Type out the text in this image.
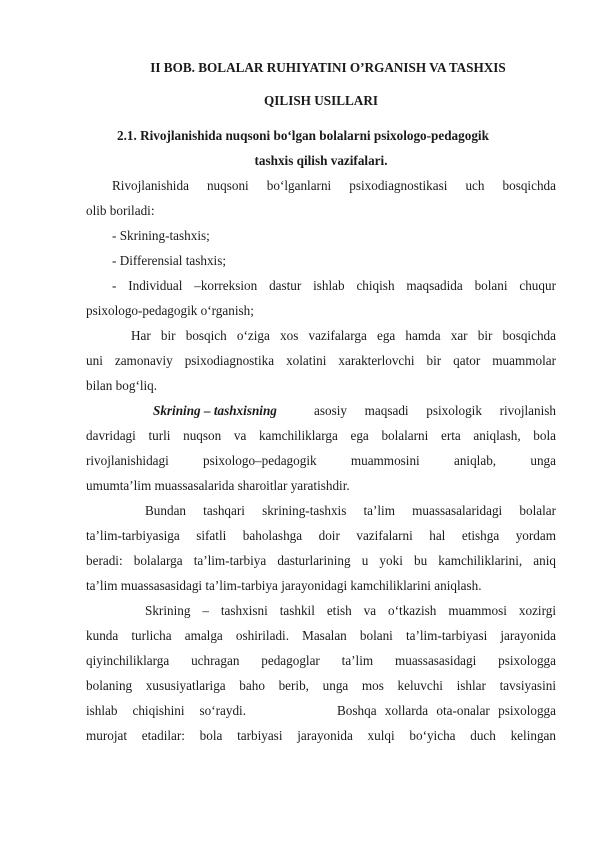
II BOB. BOLALAR RUHIYATINI O’RGANISH VA TASHXIS
QILISH USILLARI
2.1. Rivojlanishida nuqsoni bo‘lgan bolalarni psixologo-pedagogik
tashxis qilish vazifalari.
Rivojlanishida nuqsoni bo‘lganlarni psixodiagnostikasi uch bosqichda
olib boriladi:
- Skrining-tashxis;
- Differensial tashxis;
- Individual –korreksion dastur ishlab chiqish maqsadida bolani chuqur
psixologo-pedagogik o‘rganish;
Har bir bosqich o‘ziga xos vazifalarga ega hamda xar bir bosqichda
uni zamonaviy psixodiagnostika xolatini xarakterlovchi bir qator muammolar
bilan bog‘liq.
Skrining – tashxisning	asosiy maqsadi psixologik rivojlanish
davridagi turli nuqson va kamchiliklarga ega bolalarni erta aniqlash, bola
rivojlanishidagi psixologo–pedagogik muammosini aniqlab, unga
umumta’lim muassasalarida sharoitlar yaratishdir.
Bundan tashqari skrining-tashxis ta’lim muassasalaridagi bolalar
ta’lim-tarbiyasiga sifatli baholashga doir vazifalarni hal etishga yordam
beradi: bolalarga ta’lim-tarbiya dasturlarining u yoki bu kamchiliklarini, aniq
ta’lim muassasasidagi ta’lim-tarbiya jarayonidagi kamchiliklarini aniqlash.
Skrining – tashxisni tashkil etish va o‘tkazish muammosi xozirgi
kunda turlicha amalga oshiriladi. Masalan bolani ta’lim-tarbiyasi jarayonida
qiyinchiliklarga uchragan pedagoglar ta’lim muassasasidagi psixologga
bolaning xususiyatlariga baho berib, unga mos keluvchi ishlar tavsiyasini
ishlab chiqishini so‘raydi.	Boshqa xollarda ota-onalar psixologga
murojat etadilar: bola tarbiyasi jarayonida xulqi bo‘yicha duch kelingan
